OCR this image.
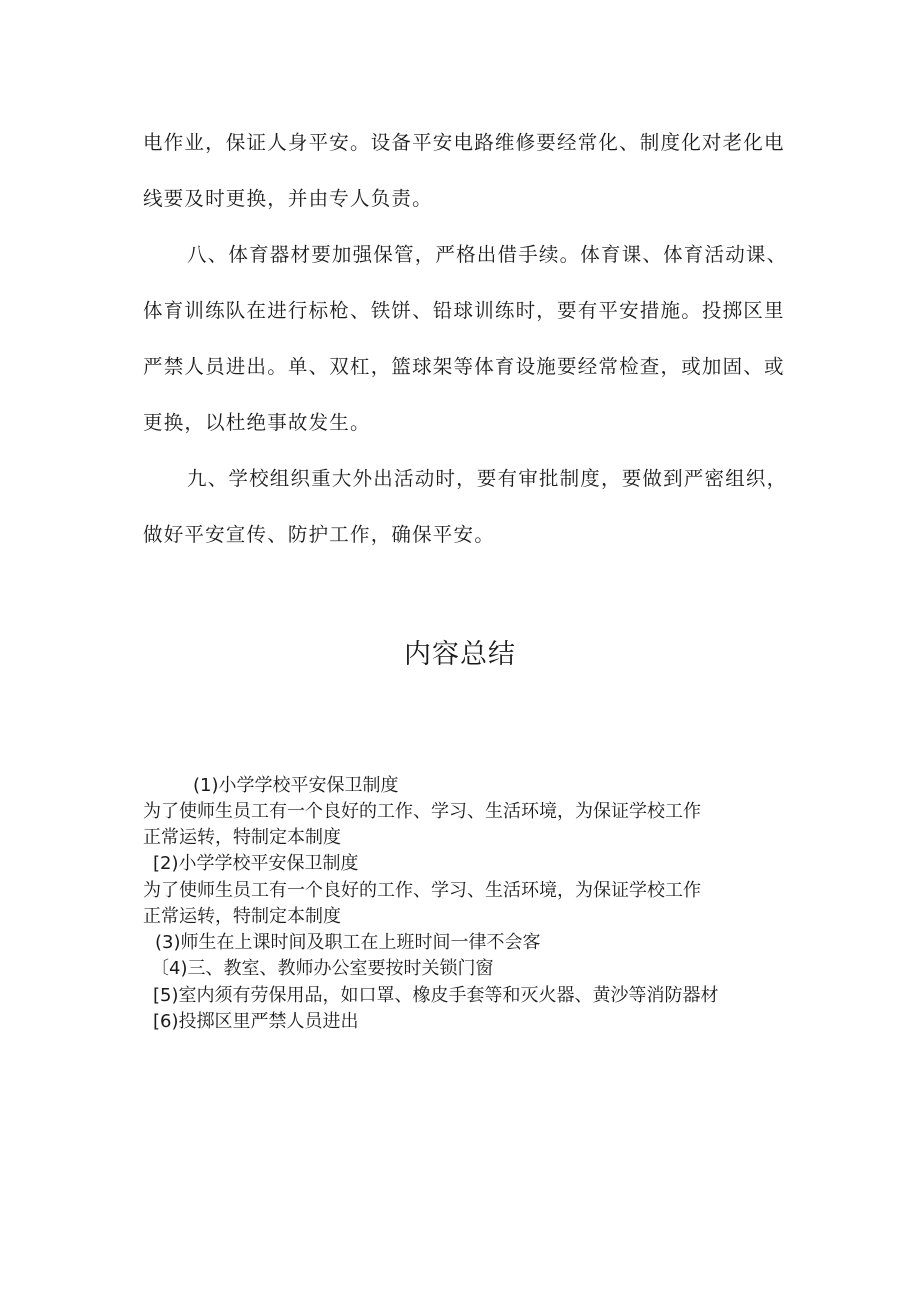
电作业，保证人身平安。设备平安电路维修要经常化、制度化对老化电
线要及时更换，并由专人负责。
八、体育器材要加强保管，严格出借手续。体育课、体育活动课、
体育训练队在进行标枪、铁饼、铅球训练时，要有平安措施。投掷区里
严禁人员进出。单、双杠，篮球架等体育设施要经常检查，或加固、或
更换，以杜绝事故发生。
九、学校组织重大外出活动时，要有审批制度，要做到严密组织，
做好平安宣传、防护工作，确保平安。
内容总结
(1)小学学校平安保卫制度
为了使师生员工有一个良好的工作、学习、生活环境，为保证学校工作
正常运转，特制定本制度
[2)小学学校平安保卫制度
为了使师生员工有一个良好的工作、学习、生活环境，为保证学校工作
正常运转，特制定本制度
(3)师生在上课时间及职工在上班时间一律不会客
〔4)三、教室、教师办公室要按时关锁门窗
[5)室内须有劳保用品，如口罩、橡皮手套等和灭火器、黄沙等消防器材
[6)投掷区里严禁人员进出
